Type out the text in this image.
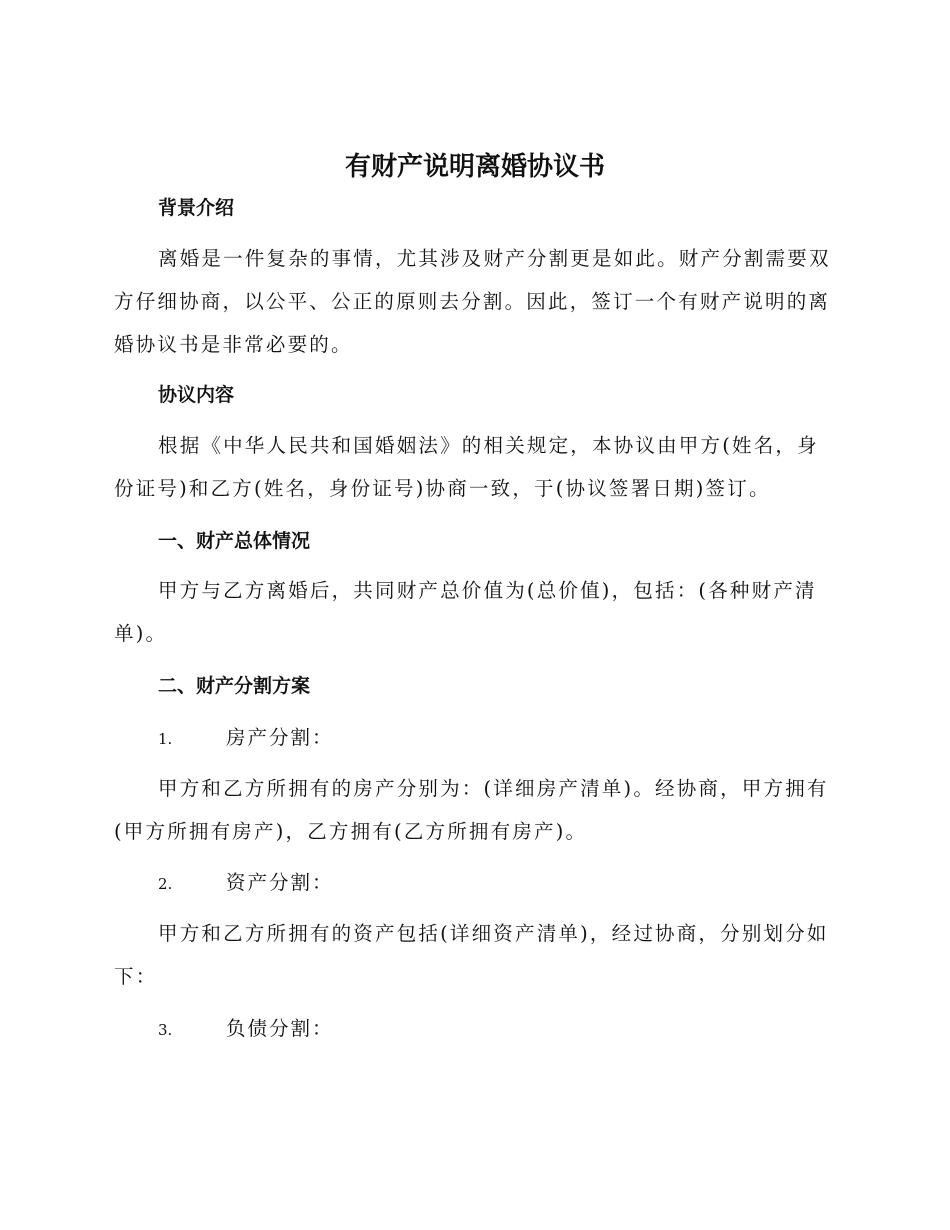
有财产说明离婚协议书
背景介绍

离婚是一件复杂的事情，尤其涉及财产分割更是如此。财产分割需要双方仔细协商，以公平、公正的原则去分割。因此，签订一个有财产说明的离婚协议书是非常必要的。

协议内容

根据《中华人民共和国婚姻法》的相关规定，本协议由甲方(姓名，身份证号)和乙方(姓名，身份证号)协商一致，于(协议签署日期)签订。

一、财产总体情况

甲方与乙方离婚后，共同财产总价值为(总价值)，包括：(各种财产清单)。

二、财产分割方案
1.	房产分割：

甲方和乙方所拥有的房产分别为：(详细房产清单)。经协商，甲方拥有(甲方所拥有房产)，乙方拥有(乙方所拥有房产)。

2.	资产分割：

甲方和乙方所拥有的资产包括(详细资产清单)，经过协商，分别划分如下：

3.	负债分割：
